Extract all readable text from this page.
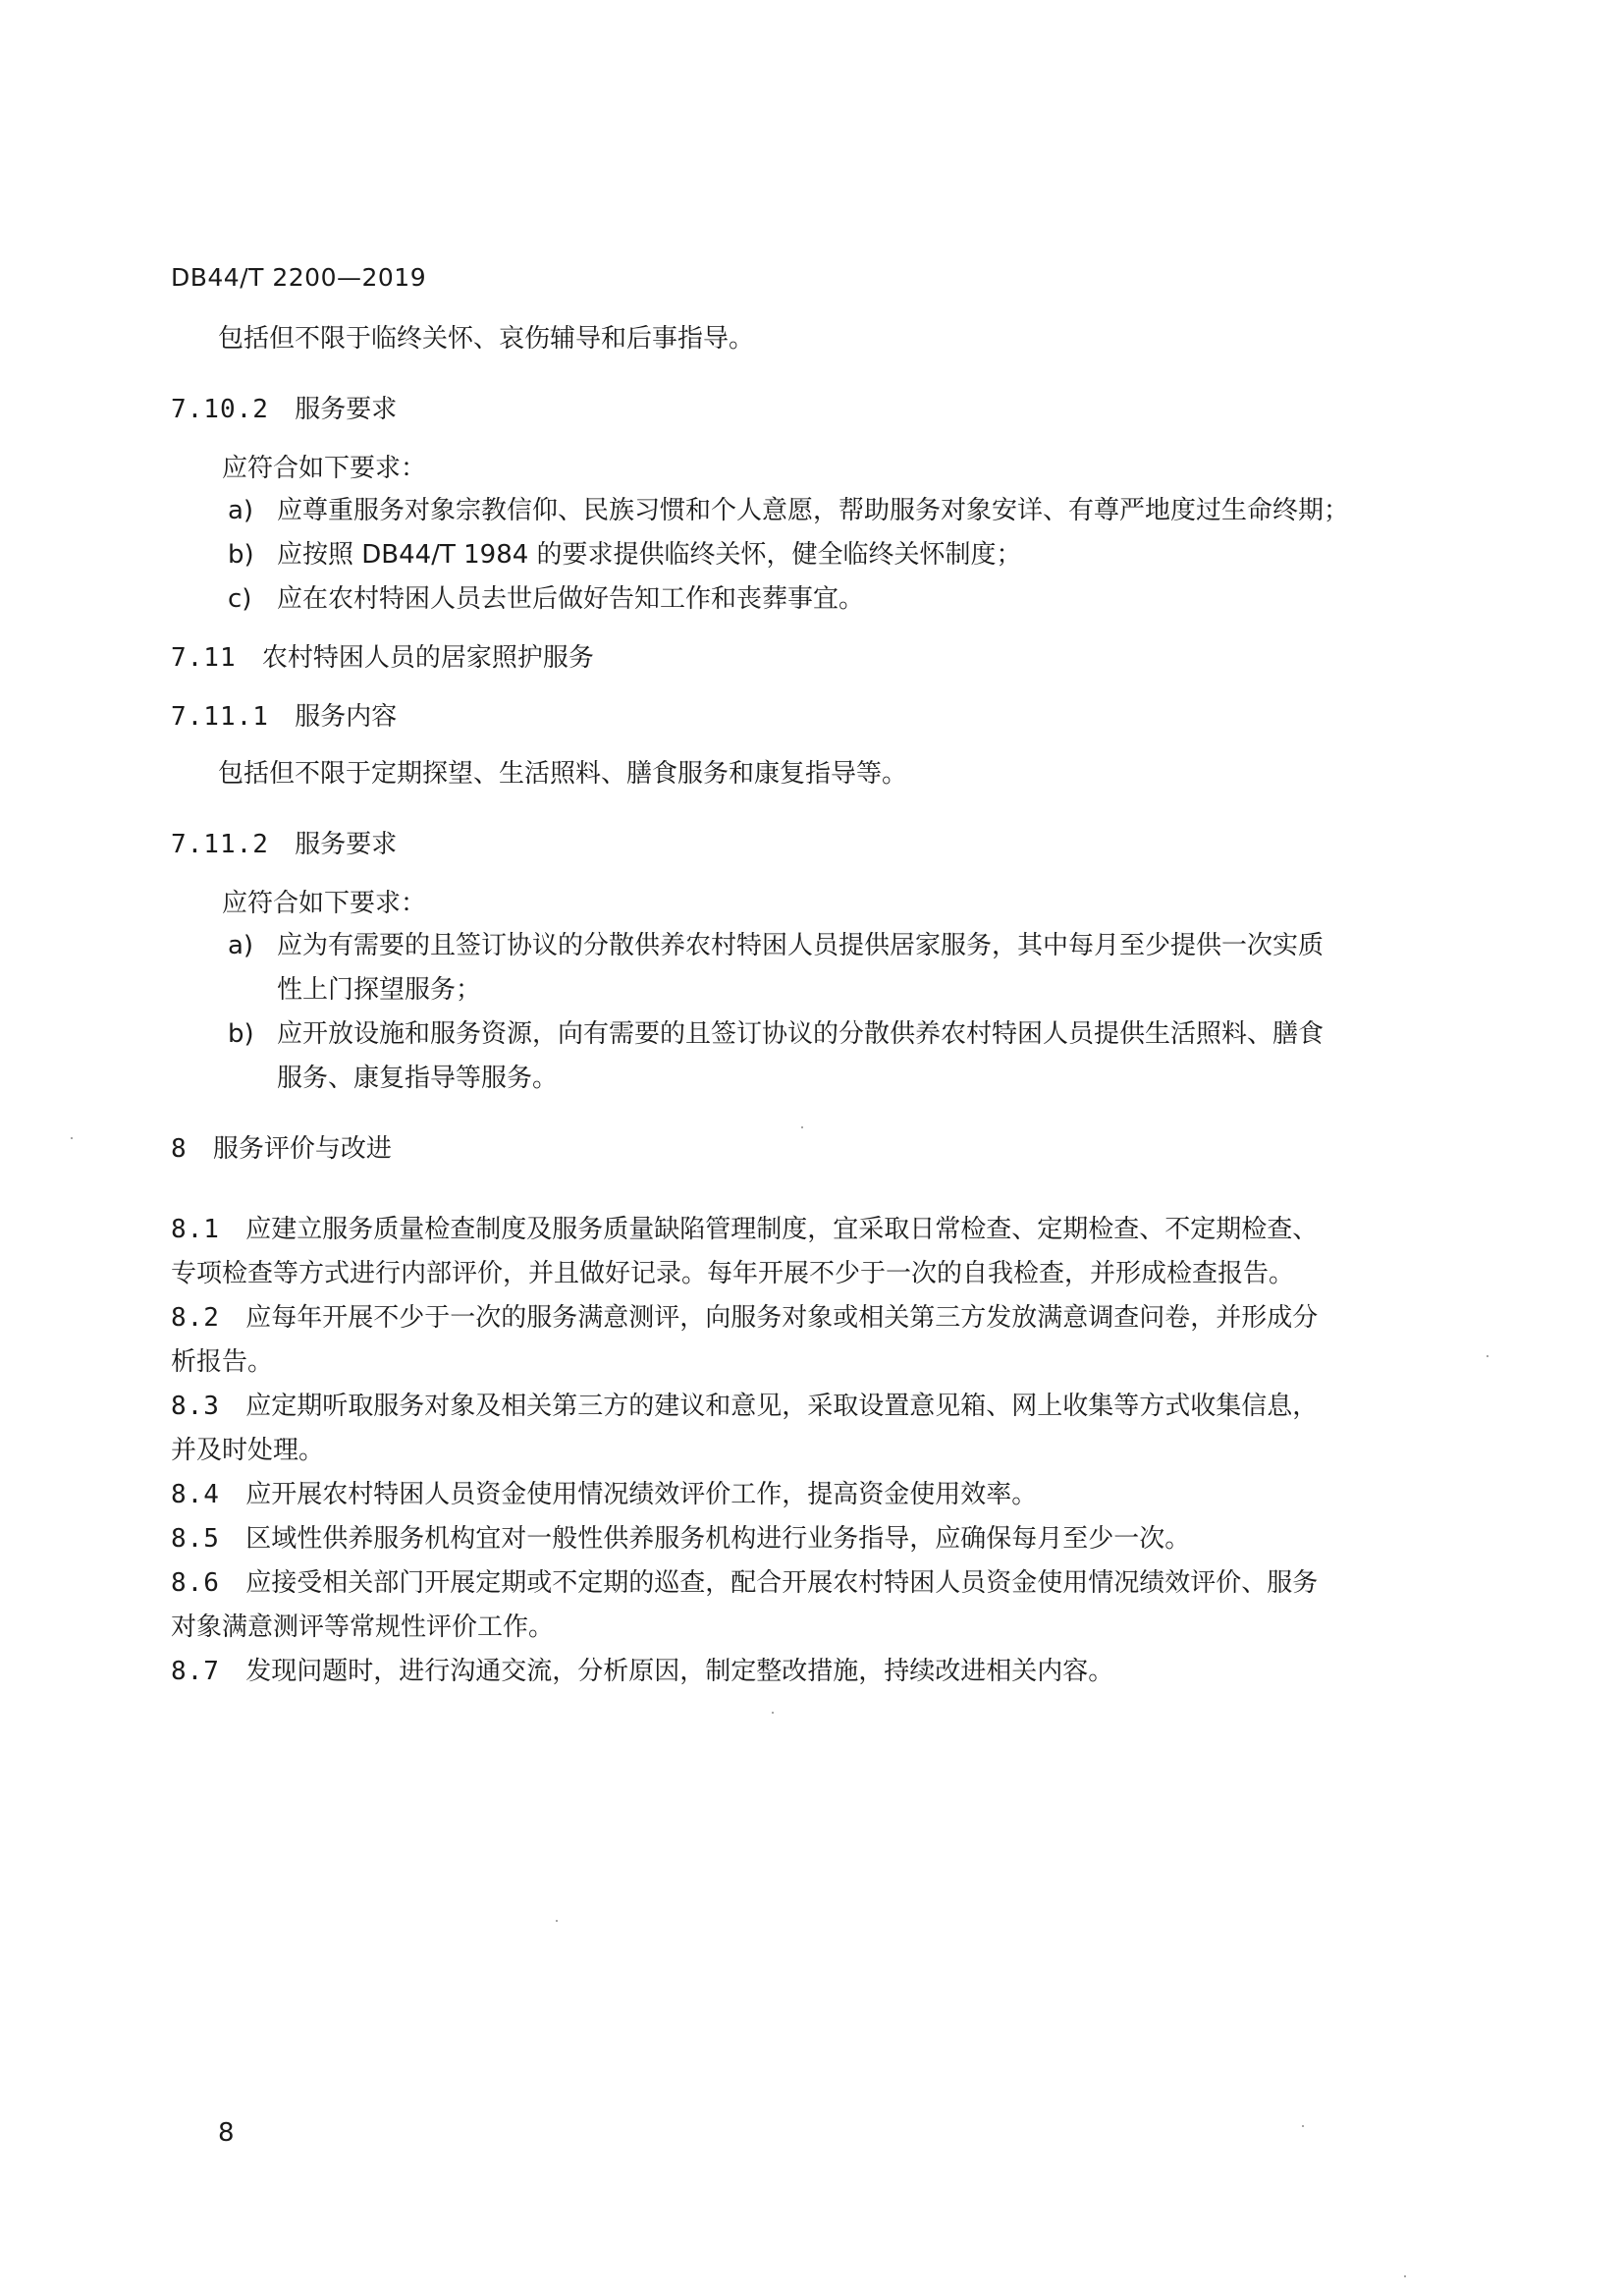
DB44/T 2200—2019
包括但不限于临终关怀、哀伤辅导和后事指导。
7.10.2 服务要求
应符合如下要求：
a) 应尊重服务对象宗教信仰、民族习惯和个人意愿，帮助服务对象安详、有尊严地度过生命终期；
b) 应按照 DB44/T 1984 的要求提供临终关怀，健全临终关怀制度；
c) 应在农村特困人员去世后做好告知工作和丧葬事宜。
7.11 农村特困人员的居家照护服务
7.11.1 服务内容
包括但不限于定期探望、生活照料、膳食服务和康复指导等。
7.11.2 服务要求
应符合如下要求：
a) 应为有需要的且签订协议的分散供养农村特困人员提供居家服务，其中每月至少提供一次实质
性上门探望服务；
b) 应开放设施和服务资源，向有需要的且签订协议的分散供养农村特困人员提供生活照料、膳食
服务、康复指导等服务。
8 服务评价与改进
8.1 应建立服务质量检查制度及服务质量缺陷管理制度，宜采取日常检查、定期检查、不定期检查、
专项检查等方式进行内部评价，并且做好记录。每年开展不少于一次的自我检查，并形成检查报告。
8.2 应每年开展不少于一次的服务满意测评，向服务对象或相关第三方发放满意调查问卷，并形成分
析报告。
8.3 应定期听取服务对象及相关第三方的建议和意见，采取设置意见箱、网上收集等方式收集信息，
并及时处理。
8.4 应开展农村特困人员资金使用情况绩效评价工作，提高资金使用效率。
8.5 区域性供养服务机构宜对一般性供养服务机构进行业务指导，应确保每月至少一次。
8.6 应接受相关部门开展定期或不定期的巡查，配合开展农村特困人员资金使用情况绩效评价、服务
对象满意测评等常规性评价工作。
8.7 发现问题时，进行沟通交流，分析原因，制定整改措施，持续改进相关内容。
8
